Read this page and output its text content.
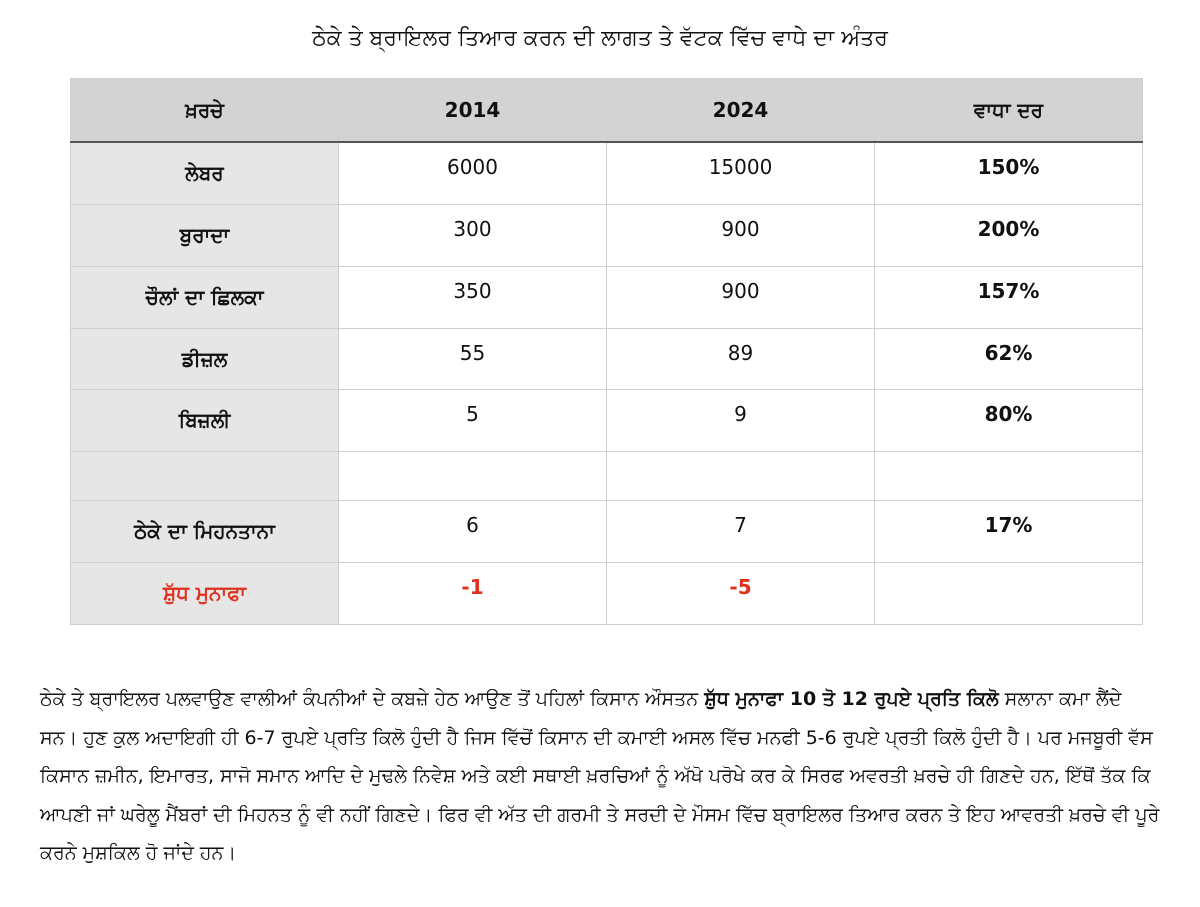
ਠੇਕੇ ਤੇ ਬ੍ਰਾਇਲਰ ਤਿਆਰ ਕਰਨ ਦੀ ਲਾਗਤ ਤੇ ਵੱਟਕ ਵਿੱਚ ਵਾਧੇ ਦਾ ਅੰਤਰ
ਖ਼ਰਚੇ	2014	2024	ਵਾਧਾ ਦਰ
ਲੇਬਰ	6000	15000	150%
ਬੁਰਾਦਾ	300	900	200%
ਚੌਲਾਂ ਦਾ ਛਿਲਕਾ	350	900	157%
ਡੀਜ਼ਲ	55	89	62%
ਬਿਜ਼ਲੀ	5	9	80%

ਠੇਕੇ ਦਾ ਮਿਹਨਤਾਨਾ	6	7	17%
ਸ਼ੁੱਧ ਮੁਨਾਫਾ	-1	-5	

ਠੇਕੇ ਤੇ ਬ੍ਰਾਇਲਰ ਪਲਵਾਉਣ ਵਾਲੀਆਂ ਕੰਪਨੀਆਂ ਦੇ ਕਬਜ਼ੇ ਹੇਠ ਆਉਣ ਤੋਂ ਪਹਿਲਾਂ ਕਿਸਾਨ ਔਸਤਨ ਸ਼ੁੱਧ ਮੁਨਾਫਾ 10 ਤੋ 12 ਰੁਪਏ ਪ੍ਰਤਿ ਕਿਲੋ ਸਲਾਨਾ ਕਮਾ ਲੈਂਦੇ ਸਨ। ਹੁਣ ਕੁਲ ਅਦਾਇਗੀ ਹੀ 6-7 ਰੁਪਏ ਪ੍ਰਤਿ ਕਿਲੋ ਹੁੰਦੀ ਹੈ ਜਿਸ ਵਿੱਚੋਂ ਕਿਸਾਨ ਦੀ ਕਮਾਈ ਅਸਲ ਵਿੱਚ ਮਨਫੀ 5-6 ਰੁਪਏ ਪ੍ਰਤੀ ਕਿਲੋ ਹੁੰਦੀ ਹੈ। ਪਰ ਮਜਬੂਰੀ ਵੱਸ ਕਿਸਾਨ ਜ਼ਮੀਨ, ਇਮਾਰਤ, ਸਾਜੋ ਸਮਾਨ ਆਦਿ ਦੇ ਮੁਢਲੇ ਨਿਵੇਸ਼ ਅਤੇ ਕਈ ਸਥਾਈ ਖ਼ਰਚਿਆਂ ਨੂੰ ਅੱਖੋ ਪਰੋਖੇ ਕਰ ਕੇ ਸਿਰਫ ਅਵਰਤੀ ਖ਼ਰਚੇ ਹੀ ਗਿਣਦੇ ਹਨ, ਇੱਥੋਂ ਤੱਕ ਕਿ ਆਪਣੀ ਜਾਂ ਘਰੇਲੂ ਮੈਂਬਰਾਂ ਦੀ ਮਿਹਨਤ ਨੂੰ ਵੀ ਨਹੀਂ ਗਿਣਦੇ। ਫਿਰ ਵੀ ਅੱਤ ਦੀ ਗਰਮੀ ਤੇ ਸਰਦੀ ਦੇ ਮੌਸਮ ਵਿੱਚ ਬ੍ਰਾਇਲਰ ਤਿਆਰ ਕਰਨ ਤੇ ਇਹ ਆਵਰਤੀ ਖ਼ਰਚੇ ਵੀ ਪੂਰੇ ਕਰਨੇ ਮੁਸ਼ਕਿਲ ਹੋ ਜਾਂਦੇ ਹਨ।
